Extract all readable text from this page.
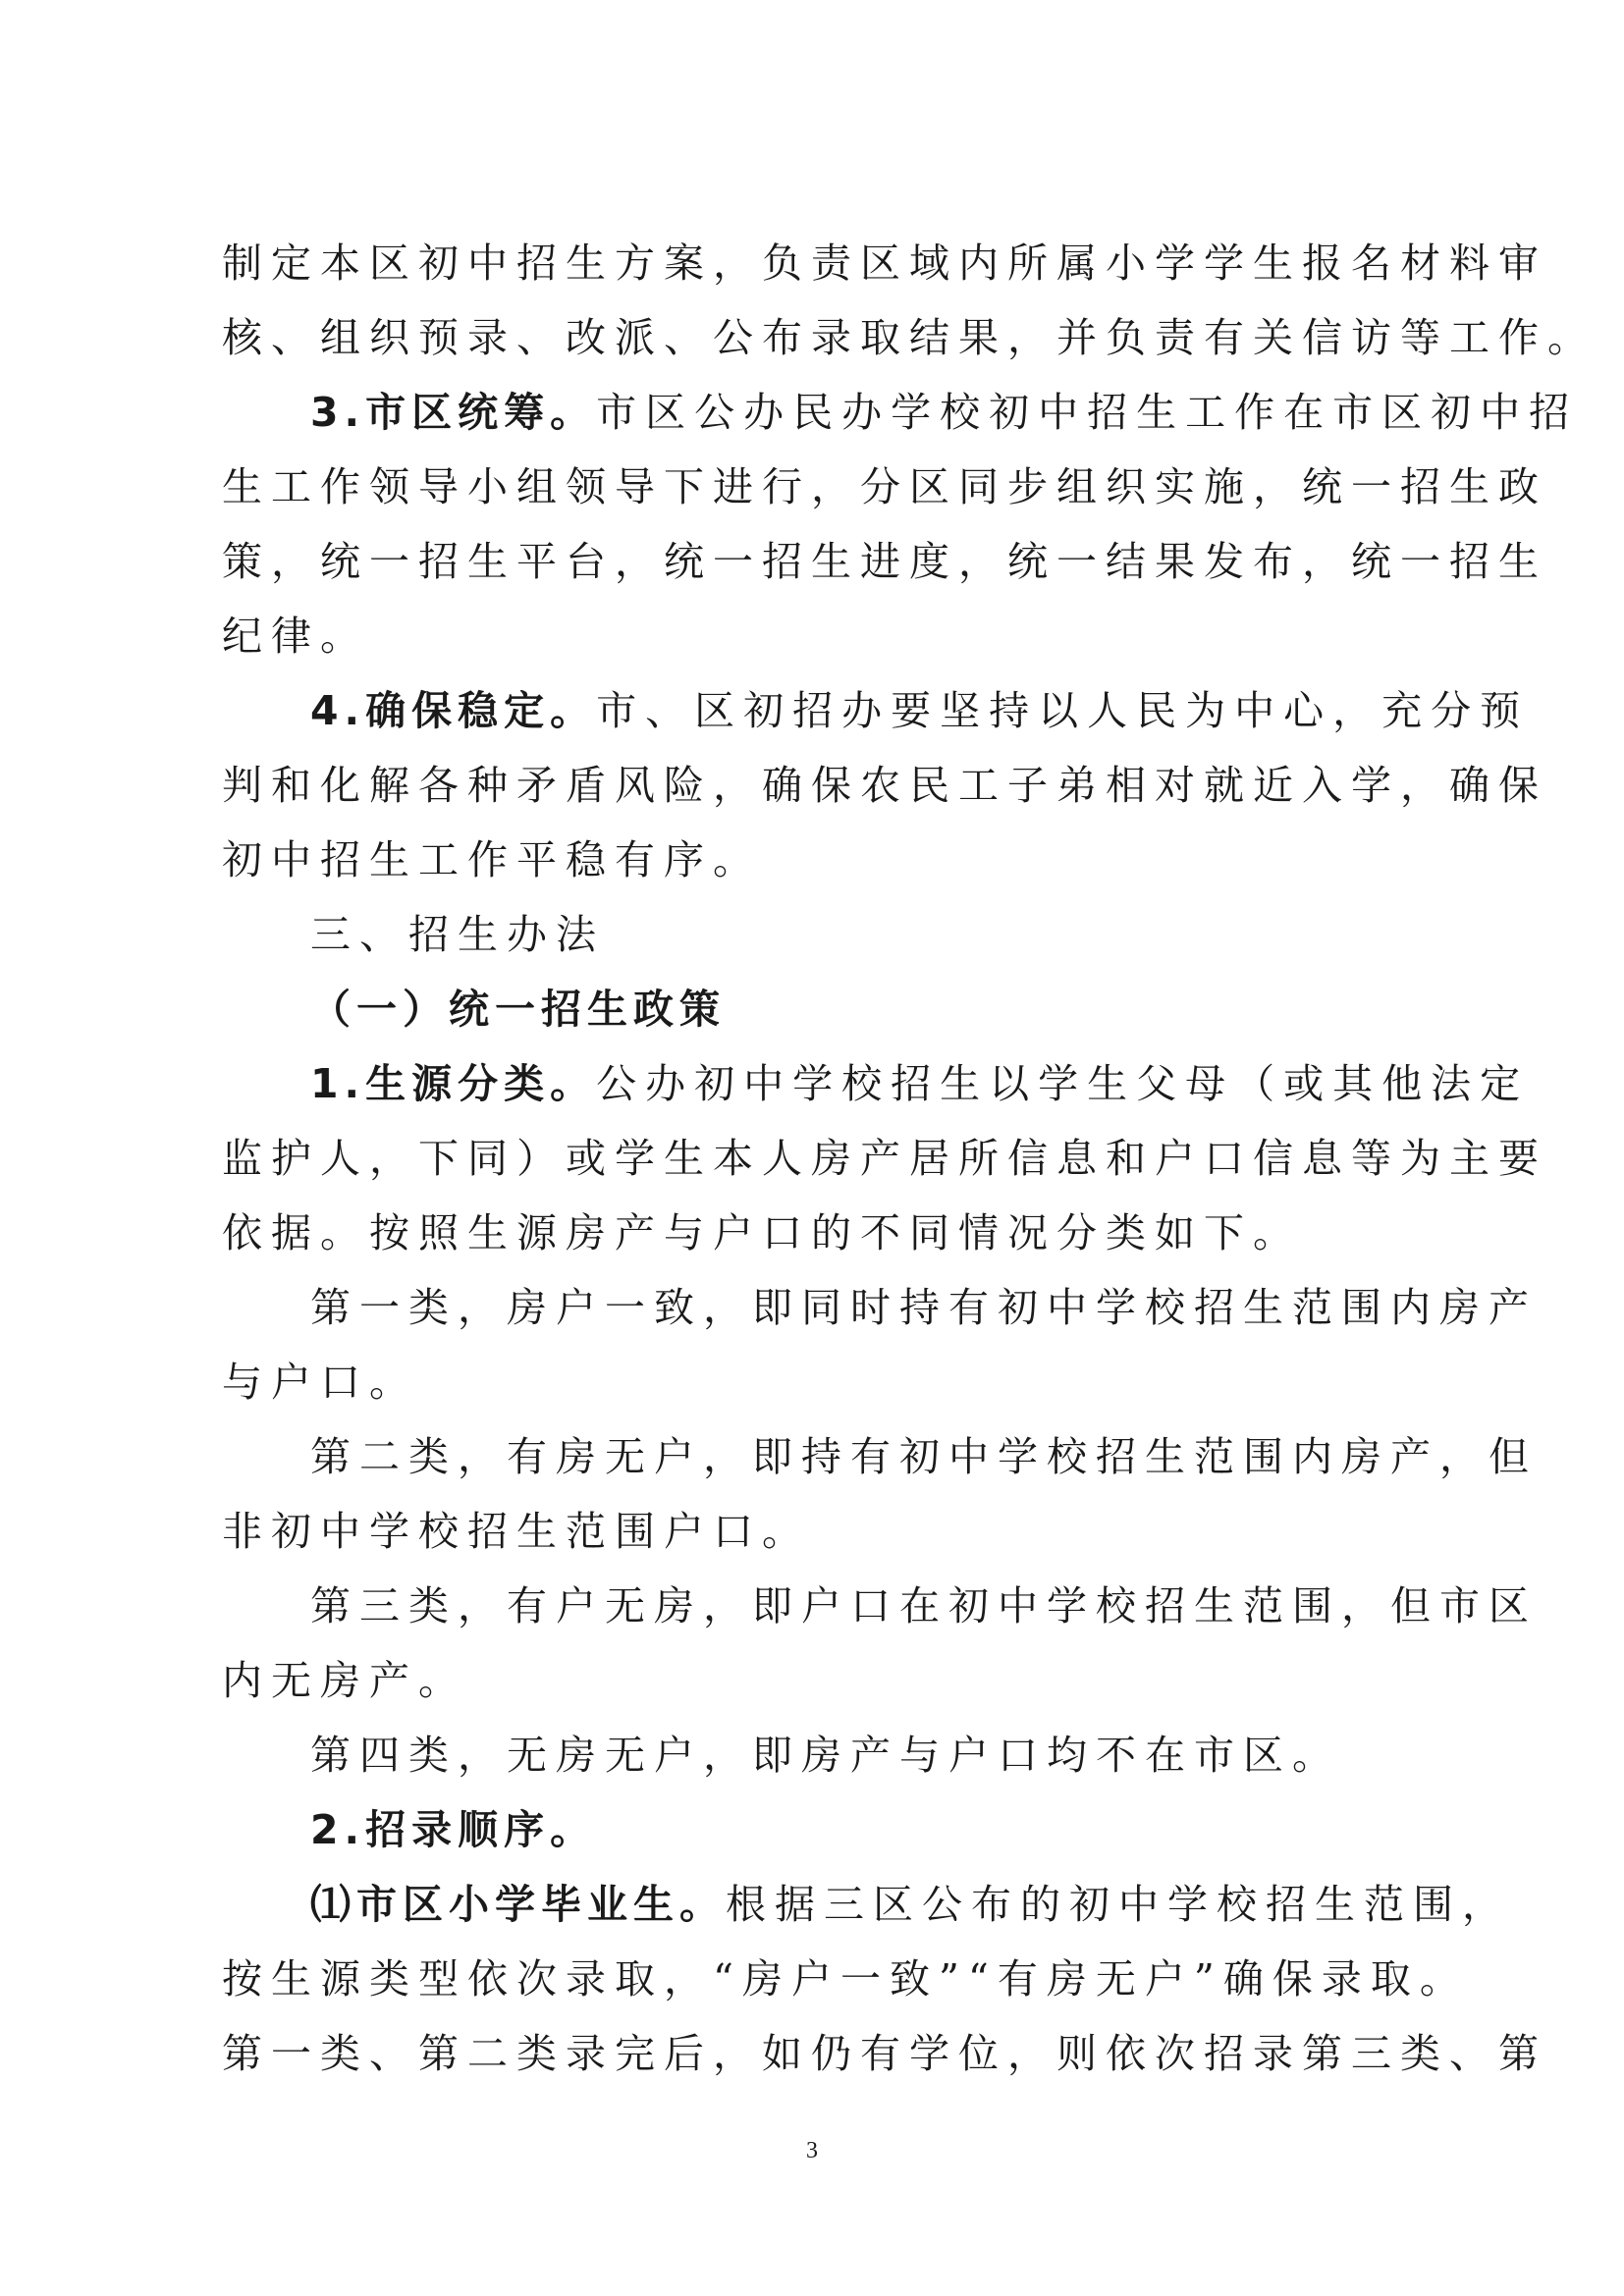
制定本区初中招生方案，负责区域内所属小学学生报名材料审
核、组织预录、改派、公布录取结果，并负责有关信访等工作。
3.市区统筹。市区公办民办学校初中招生工作在市区初中招
生工作领导小组领导下进行，分区同步组织实施，统一招生政
策，统一招生平台，统一招生进度，统一结果发布，统一招生
纪律。
4.确保稳定。市、区初招办要坚持以人民为中心，充分预
判和化解各种矛盾风险，确保农民工子弟相对就近入学，确保
初中招生工作平稳有序。
三、招生办法
（一）统一招生政策
1.生源分类。公办初中学校招生以学生父母（或其他法定
监护人，下同）或学生本人房产居所信息和户口信息等为主要
依据。按照生源房产与户口的不同情况分类如下。
第一类，房户一致，即同时持有初中学校招生范围内房产
与户口。
第二类，有房无户，即持有初中学校招生范围内房产，但
非初中学校招生范围户口。
第三类，有户无房，即户口在初中学校招生范围，但市区
内无房产。
第四类，无房无户，即房产与户口均不在市区。
2.招录顺序。
⑴市区小学毕业生。根据三区公布的初中学校招生范围，
按生源类型依次录取，“房户一致”“有房无户”确保录取。
第一类、第二类录完后，如仍有学位，则依次招录第三类、第
3
